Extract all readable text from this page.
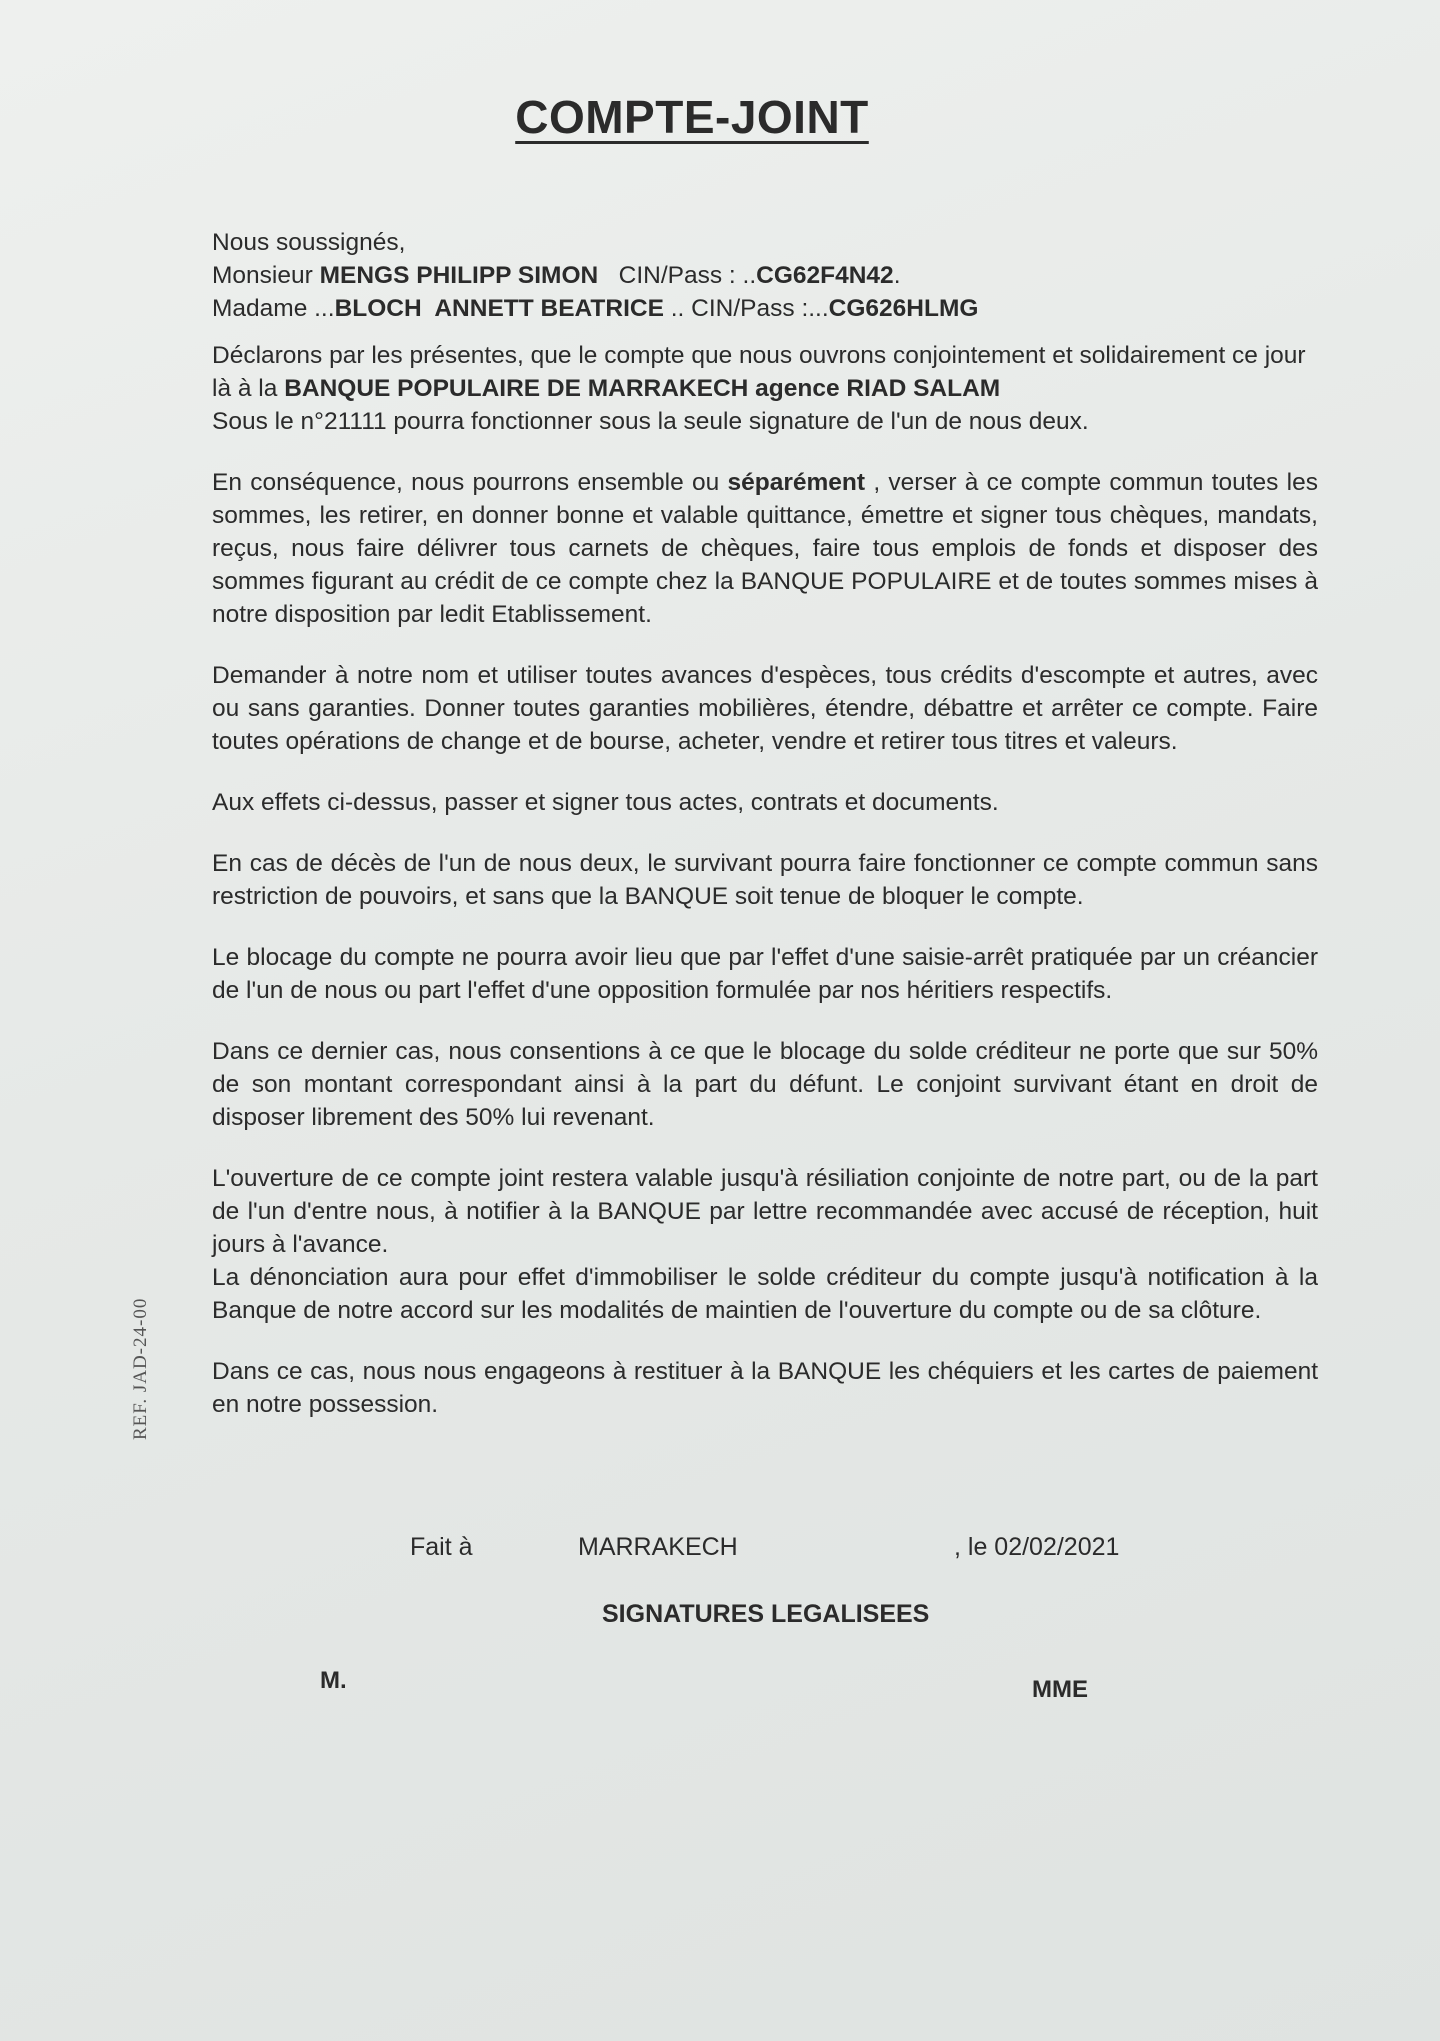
COMPTE-JOINT
REF. JAD-24-00
Nous soussignés,
Monsieur MENGS PHILIPP SIMON   CIN/Pass : ..CG62F4N42.
Madame ...BLOCH  ANNETT BEATRICE .. CIN/Pass :...CG626HLMG
Déclarons par les présentes, que le compte que nous ouvrons conjointement et solidairement ce jour
là à la BANQUE POPULAIRE DE MARRAKECH agence RIAD SALAM
Sous le n°21111 pourra fonctionner sous la seule signature de l'un de nous deux.
En conséquence, nous pourrons ensemble ou séparément , verser à ce compte commun toutes les sommes, les retirer, en donner bonne et valable quittance, émettre et signer tous chèques, mandats, reçus, nous faire délivrer tous carnets de chèques, faire tous emplois de fonds et disposer des sommes figurant au crédit de ce compte chez la BANQUE POPULAIRE et de toutes sommes mises à notre disposition par ledit Etablissement.
Demander à notre nom et utiliser toutes avances d'espèces, tous crédits d'escompte et autres, avec ou sans garanties. Donner toutes garanties mobilières, étendre, débattre et arrêter ce compte. Faire toutes opérations de change et de bourse, acheter, vendre et retirer tous titres et valeurs.
Aux effets ci-dessus, passer et signer tous actes, contrats et documents.
En cas de décès de l'un de nous deux, le survivant pourra faire fonctionner ce compte commun sans restriction de pouvoirs, et sans que la BANQUE soit tenue de bloquer le compte.
Le blocage du compte ne pourra avoir lieu que par l'effet d'une saisie-arrêt pratiquée par un créancier de l'un de nous ou part l'effet d'une opposition formulée par nos héritiers respectifs.
Dans ce dernier cas, nous consentions à ce que le blocage du solde créditeur ne porte que sur 50% de son montant correspondant ainsi à la part du défunt. Le conjoint survivant étant en droit de disposer librement des 50% lui revenant.
L'ouverture de ce compte joint restera valable jusqu'à résiliation conjointe de notre part, ou de la part de l'un d'entre nous, à notifier à la BANQUE par lettre recommandée avec accusé de réception, huit jours à l'avance.
La dénonciation aura pour effet d'immobiliser le solde créditeur du compte jusqu'à notification à la Banque de notre accord sur les modalités de maintien de l'ouverture du compte ou de sa clôture.
Dans ce cas, nous nous engageons à restituer à la BANQUE les chéquiers et les cartes de paiement en notre possession.
Fait à	MARRAKECH	, le 02/02/2021
SIGNATURES LEGALISEES
M.	MME
